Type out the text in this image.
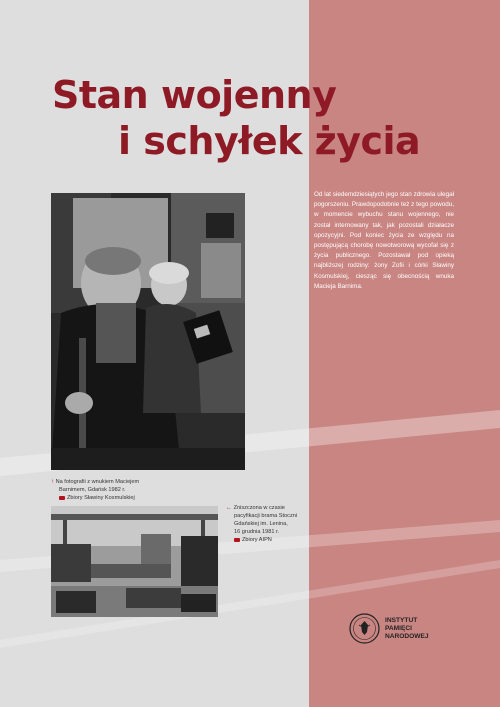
Stan wojenny
i schyłek życia

Od lat siedemdziesiątych jego stan zdrowia ulegał pogorszeniu. Prawdopodobnie też z tego powodu, w momencie wybuchu stanu wojennego, nie został internowany tak, jak pozostali działacze opozycyjni. Pod koniec życia ze względu na postępującą chorobę nowotworową wycofał się z życia publicznego. Pozostawał pod opieką najbliższej rodziny: żony Zofii i córki Sławiny Kosmulskiej, ciesząc się obecnością wnuka Macieja Barnima.

↑ Na fotografii z wnukiem Maciejem
Barnimem, Gdańsk 1982 r.
Zbiory Sławiny Kosmulskiej
← Zniszczona w czasie
pacyfikacji brama Stoczni
Gdańskiej im. Lenina,
16 grudnia 1981 r.
Zbiory AIPN
INSTYTUT
PAMIĘCI
NARODOWEJ
